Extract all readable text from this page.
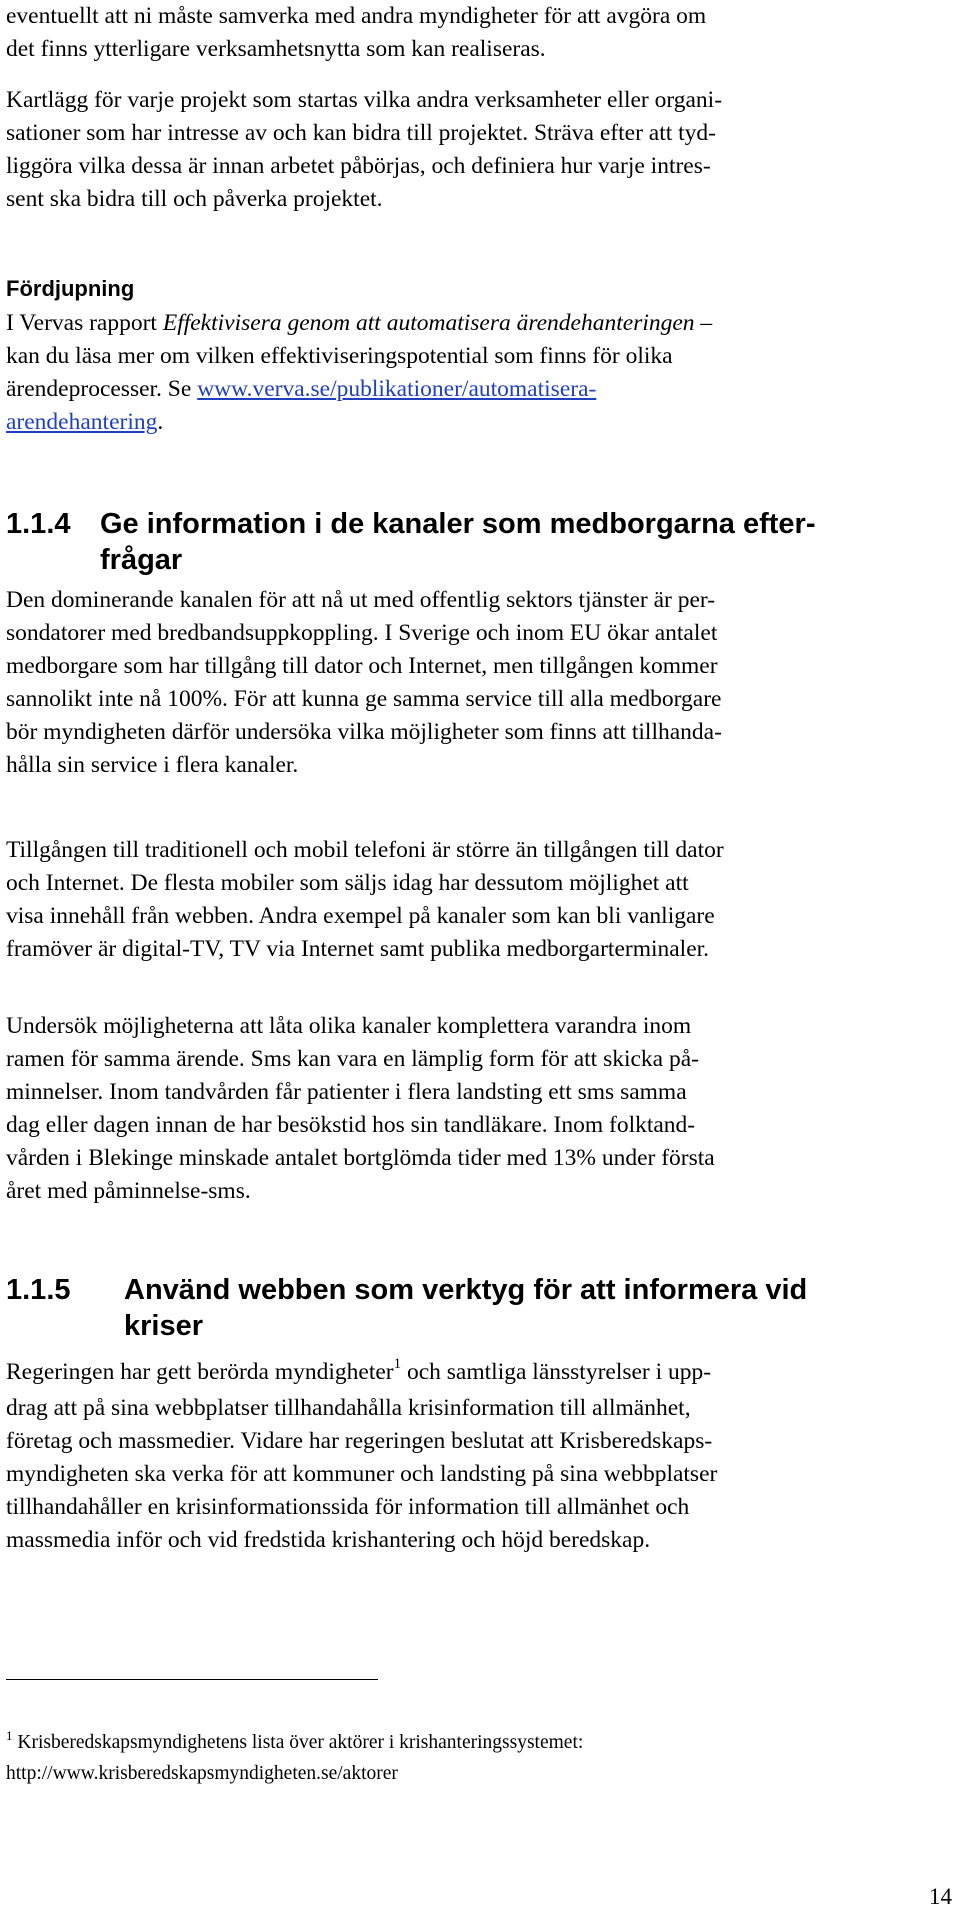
eventuellt att ni måste samverka med andra myndigheter för att avgöra om
det finns ytterligare verksamhetsnytta som kan realiseras.
Kartlägg för varje projekt som startas vilka andra verksamheter eller organi-
sationer som har intresse av och kan bidra till projektet. Sträva efter att tyd-
liggöra vilka dessa är innan arbetet påbörjas, och definiera hur varje intres-
sent ska bidra till och påverka projektet.
Fördjupning
I Vervas rapport Effektivisera genom att automatisera ärendehanteringen –
kan du läsa mer om vilken effektiviseringspotential som finns för olika
ärendeprocesser. Se www.verva.se/publikationer/automatisera-
arendehantering.
1.1.4 Ge information i de kanaler som medborgarna efter-
frågar
Den dominerande kanalen för att nå ut med offentlig sektors tjänster är per-
sondatorer med bredbandsuppkoppling. I Sverige och inom EU ökar antalet
medborgare som har tillgång till dator och Internet, men tillgången kommer
sannolikt inte nå 100%. För att kunna ge samma service till alla medborgare
bör myndigheten därför undersöka vilka möjligheter som finns att tillhanda-
hålla sin service i flera kanaler.
Tillgången till traditionell och mobil telefoni är större än tillgången till dator
och Internet. De flesta mobiler som säljs idag har dessutom möjlighet att
visa innehåll från webben. Andra exempel på kanaler som kan bli vanligare
framöver är digital-TV, TV via Internet samt publika medborgarterminaler.
Undersök möjligheterna att låta olika kanaler komplettera varandra inom
ramen för samma ärende. Sms kan vara en lämplig form för att skicka på-
minnelser. Inom tandvården får patienter i flera landsting ett sms samma
dag eller dagen innan de har besökstid hos sin tandläkare. Inom folktand-
vården i Blekinge minskade antalet bortglömda tider med 13% under första
året med påminnelse-sms.
1.1.5 Använd webben som verktyg för att informera vid
kriser
Regeringen har gett berörda myndigheter$^1$ och samtliga länsstyrelser i upp-
drag att på sina webbplatser tillhandahålla krisinformation till allmänhet,
företag och massmedier. Vidare har regeringen beslutat att Krisberedskaps-
myndigheten ska verka för att kommuner och landsting på sina webbplatser
tillhandahåller en krisinformationssida för information till allmänhet och
massmedia inför och vid fredstida krishantering och höjd beredskap.
$^1$ Krisberedskapsmyndighetens lista över aktörer i krishanteringssystemet:
http://www.krisberedskapsmyndigheten.se/aktorer
14
